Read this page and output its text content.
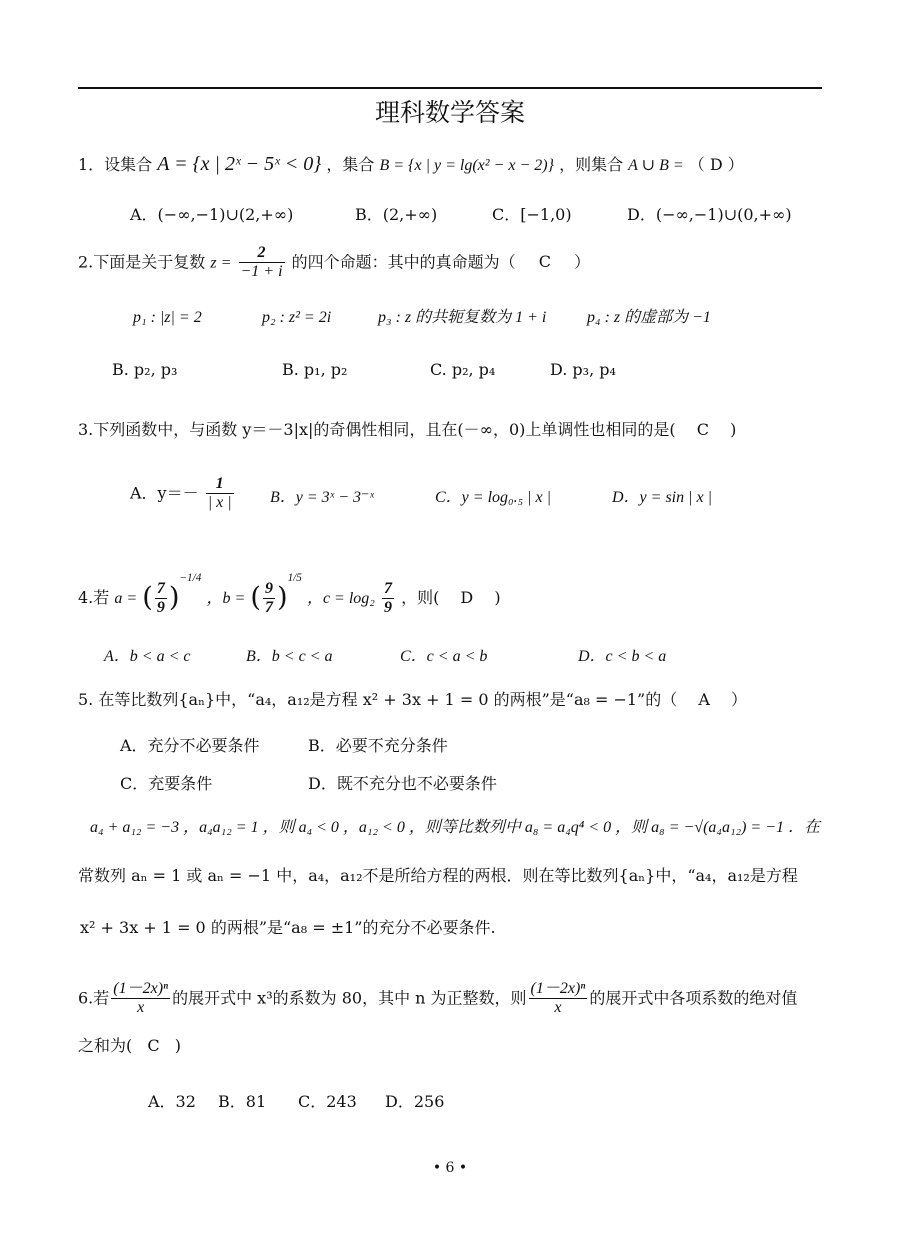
理科数学答案
1．设集合 A = {x | 2ˣ − 5ˣ < 0} ，集合 B = {x | y = lg(x² − x − 2)} ，则集合 A ∪ B = （ D ）
A．(−∞,−1)∪(2,+∞)	B．(2,+∞)	C．[−1,0)	D．(−∞,−1)∪(0,+∞)
2.下面是关于复数 $z = \frac{2}{-1 + i}$ 的四个命题：其中的真命题为（ C ）
p₁ : |z| = 2	p₂ : z² = 2i	p₃ : z 的共轭复数为 1 + i	p₄ : z 的虚部为 −1
B. p₂, p₃	B. p₁, p₂	C. p₂, p₄	D. p₃, p₄
3.下列函数中，与函数 y＝－3|x|的奇偶性相同，且在(－∞，0)上单调性也相同的是( C )
A．$y=- \frac{1}{| x |}$ B．y = 3ˣ − 3⁻ˣ	C．y = log₀.₅ | x |	D．y = sin | x |
4.若 a = ( $\frac{7}{9} )^{-1/4}$ ，b = ( $\frac{9}{7} )^{1/5}$ ，$c = \log_2 \frac{7}{9}$ ，则( D )
A．b < a < c	B．b < c < a	C．c < a < b	D．c < b < a
5. 在等比数列{aₙ}中，“a₄，a₁₂是方程 x² + 3x + 1 = 0 的两根”是“a₈ = −1”的（ A ）
A．充分不必要条件	B．必要不充分条件
C．充要条件	D．既不充分也不必要条件
a₄ + a₁₂ = −3 ，a₄a₁₂ = 1 ，则 a₄ < 0 ，a₁₂ < 0 ，则等比数列中 a₈ = a₄q⁴ < 0 ，则 a₈ = −√(a₄a₁₂) = −1 ．在
常数列 aₙ = 1 或 aₙ = −1 中，a₄，a₁₂不是所给方程的两根．则在等比数列{aₙ}中，“a₄，a₁₂是方程
x² + 3x + 1 = 0 的两根”是“a₈ = ±1”的充分不必要条件.
6.若 $\frac{\text{(1－2x)ⁿ}}{x}$ 的展开式中 x³的系数为 80，其中 n 为正整数，则 $\frac{\text{(1－2x)ⁿ}}{x}$ 的展开式中各项系数的绝对值
之和为( C )
A．32 B．81 C．243 D．256
• 6 •
